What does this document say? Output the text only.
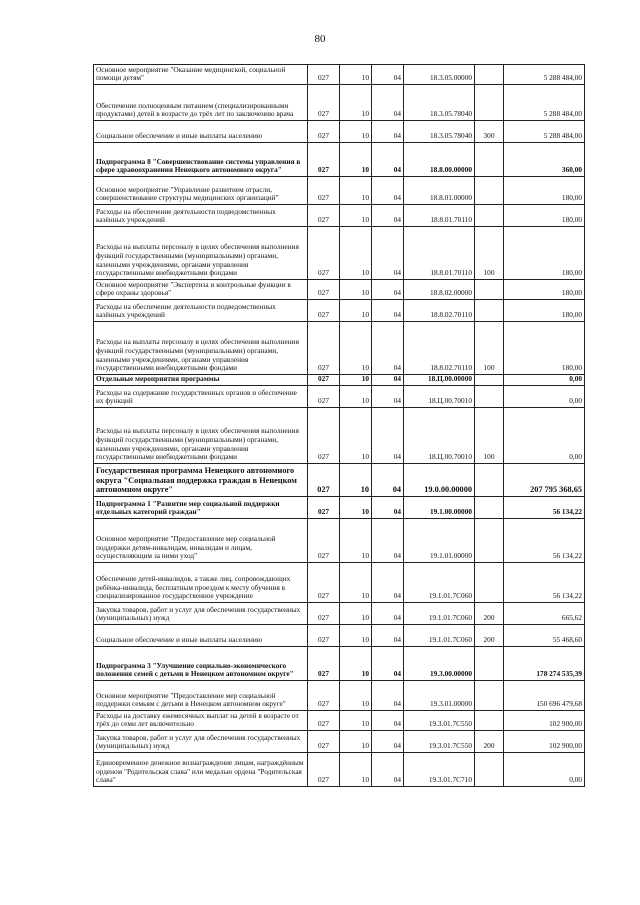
80
Основное мероприятие "Оказание медицинской, социальной помощи детям"	027	10	04	18.3.05.00000		5 288 484,00
Обеспечение полноценным питанием (специализированными продуктами) детей в возрасте до трёх лет по заключению врача	027	10	04	18.3.05.78040		5 288 484,00
Социальное обеспечение и иные выплаты населению	027	10	04	18.3.05.78040	300	5 288 484,00
Подпрограмма 8 "Совершенствование системы управления в сфере здравоохранения Ненецкого автономного округа"	027	10	04	18.8.00.00000		360,00
Основное мероприятие "Управление развитием отрасли, совершенствование структуры медицинских организаций"	027	10	04	18.8.01.00000		180,00
Расходы на обеспечение деятельности подведомственных казённых учреждений	027	10	04	18.8.01.70110		180,00
Расходы на выплаты персоналу в целях обеспечения выполнения функций государственными (муниципальными) органами, казенными учреждениями, органами управления государственными внебюджетными фондами	027	10	04	18.8.01.70110	100	180,00
Основное мероприятие "Экспертиза и контрольные функции в сфере охраны здоровья"	027	10	04	18.8.02.00000		180,00
Расходы на обеспечение деятельности подведомственных казённых учреждений	027	10	04	18.8.02.70110		180,00
Расходы на выплаты персоналу в целях обеспечения выполнения функций государственными (муниципальными) органами, казенными учреждениями, органами управления государственными внебюджетными фондами	027	10	04	18.8.02.70110	100	180,00
Отдельные мероприятия программы	027	10	04	18.Ц.00.00000		0,00
Расходы на содержание государственных органов и обеспечение их функций	027	10	04	18.Ц.00.70010		0,00
Расходы на выплаты персоналу в целях обеспечения выполнения функций государственными (муниципальными) органами, казенными учреждениями, органами управления государственными внебюджетными фондами	027	10	04	18.Ц.00.70010	100	0,00
Государственная программа Ненецкого автономного округа "Социальная поддержка граждан в Ненецком автономном округе"	027	10	04	19.0.00.00000		207 795 368,65
Подпрограмма 1 "Развитие мер социальной поддержки отдельных категорий граждан"	027	10	04	19.1.00.00000		56 134,22
Основное мероприятие "Предоставление мер социальной поддержки детям-инвалидам, инвалидам и лицам, осуществляющим за ними уход"	027	10	04	19.1.01.00000		56 134,22
Обеспечение детей-инвалидов, а также лиц, сопровождающих ребёнка-инвалида, бесплатным проездом к месту обучения в специализированное государственное учреждение	027	10	04	19.1.01.7С060		56 134,22
Закупка товаров, работ и услуг для обеспечения государственных (муниципальных) нужд	027	10	04	19.1.01.7С060	200	665,62
Социальное обеспечение и иные выплаты населению	027	10	04	19.1.01.7С060	200	55 468,60
Подпрограмма 3 "Улучшение социально-экономического положения семей с детьми в Ненецком автономном округе"	027	10	04	19.3.00.00000		178 274 535,39
Основное мероприятие "Предоставление мер социальной поддержки семьям с детьми в Ненецком автономном округе"	027	10	04	19.3.01.00000		150 696 479,68
Расходы на доставку ежемесячных выплат на детей в возрасте от трёх до семи лет включительно	027	10	04	19.3.01.7С550		102 900,00
Закупка товаров, работ и услуг для обеспечения государственных (муниципальных) нужд	027	10	04	19.3.01.7С550	200	102 900,00
Единовременное денежное вознаграждение лицам, награждённым орденом "Родительская слава" или медалью ордена "Родительская слава"	027	10	04	19.3.01.7С710		0,00
